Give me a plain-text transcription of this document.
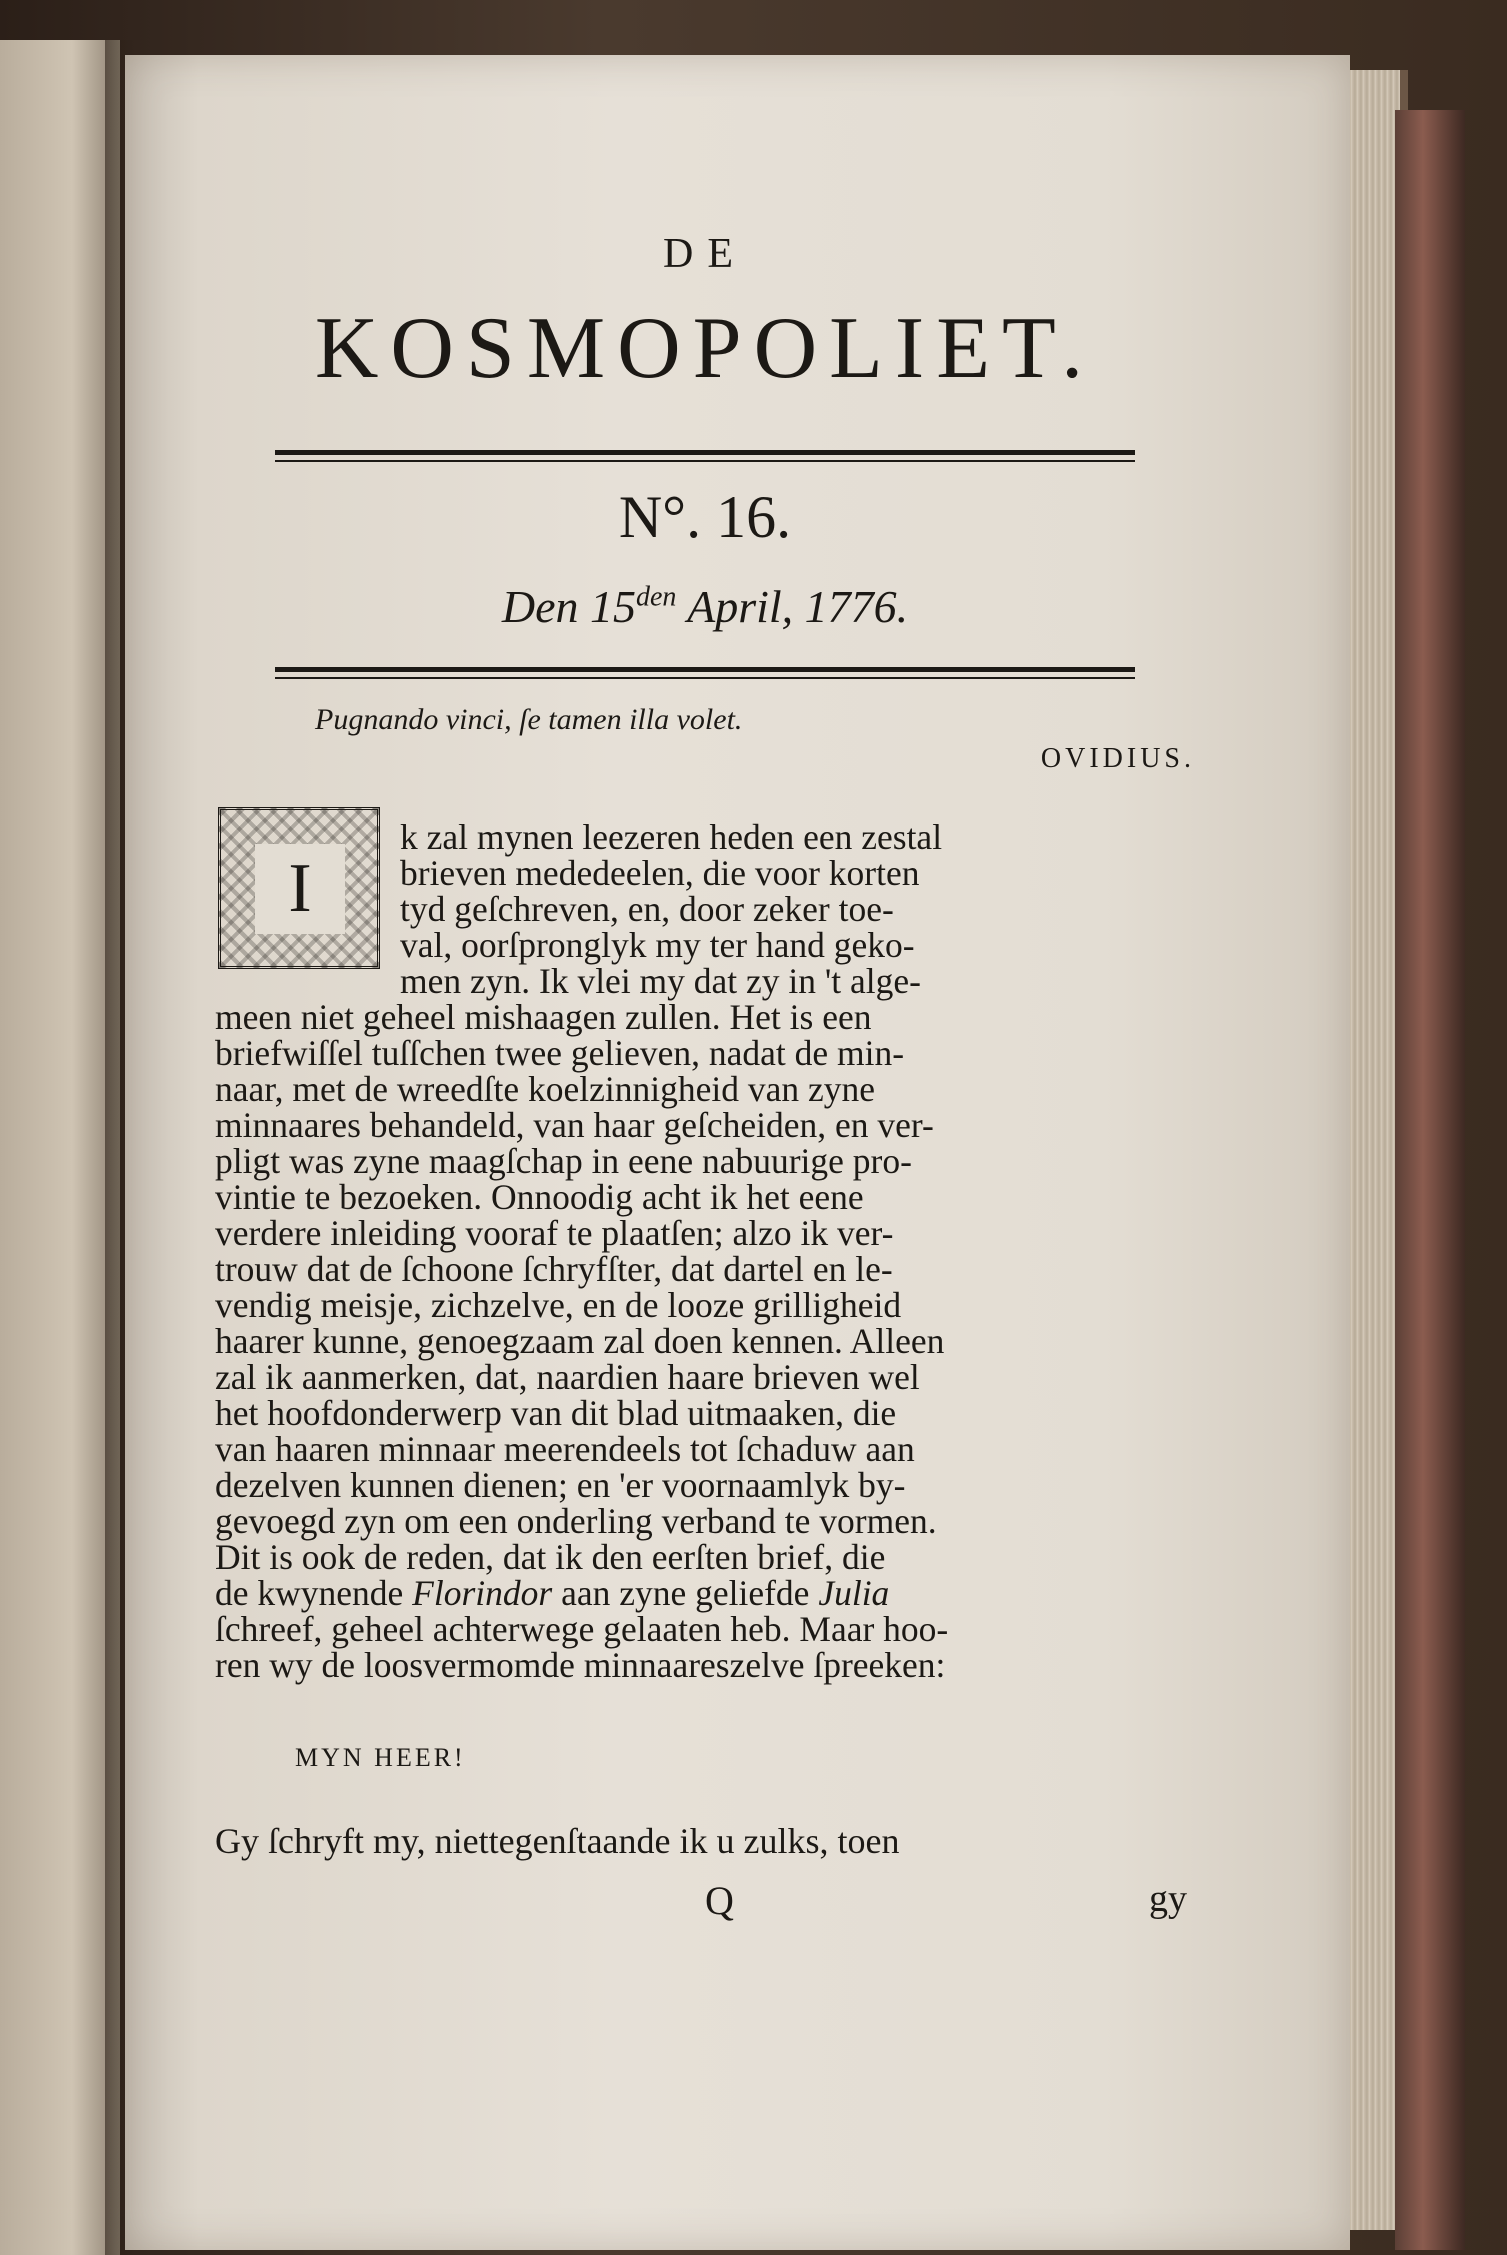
DE
KOSMOPOLIET.
N°. 16.
Den $15^{den}$ April, 1776.
Pugnando vinci, ſe tamen illa volet.
OVIDIUS.
I
k zal mynen leezeren heden een zestal
brieven mededeelen, die voor korten
tyd geſchreven, en, door zeker toe-
val, oorſpronglyk my ter hand geko-
men zyn. Ik vlei my dat zy in 't alge-
meen niet geheel mishaagen zullen. Het is een
briefwiſſel tuſſchen twee gelieven, nadat de min-
naar, met de wreedſte koelzinnigheid van zyne
minnaares behandeld, van haar geſcheiden, en ver-
pligt was zyne maagſchap in eene nabuurige pro-
vintie te bezoeken. Onnoodig acht ik het eene
verdere inleiding vooraf te plaatſen; alzo ik ver-
trouw dat de ſchoone ſchryfſter, dat dartel en le-
vendig meisje, zichzelve, en de looze grilligheid
haarer kunne, genoegzaam zal doen kennen. Alleen
zal ik aanmerken, dat, naardien haare brieven wel
het hoofdonderwerp van dit blad uitmaaken, die
van haaren minnaar meerendeels tot ſchaduw aan
dezelven kunnen dienen; en 'er voornaamlyk by-
gevoegd zyn om een onderling verband te vormen.
Dit is ook de reden, dat ik den eerſten brief, die
de kwynende Florindor aan zyne geliefde Julia
ſchreef, geheel achterwege gelaaten heb. Maar hoo-
ren wy de loosvermomde minnaareszelve ſpreeken:
MYN HEER!
Gy ſchryft my, niettegenſtaande ik u zulks, toen
Q	gy
